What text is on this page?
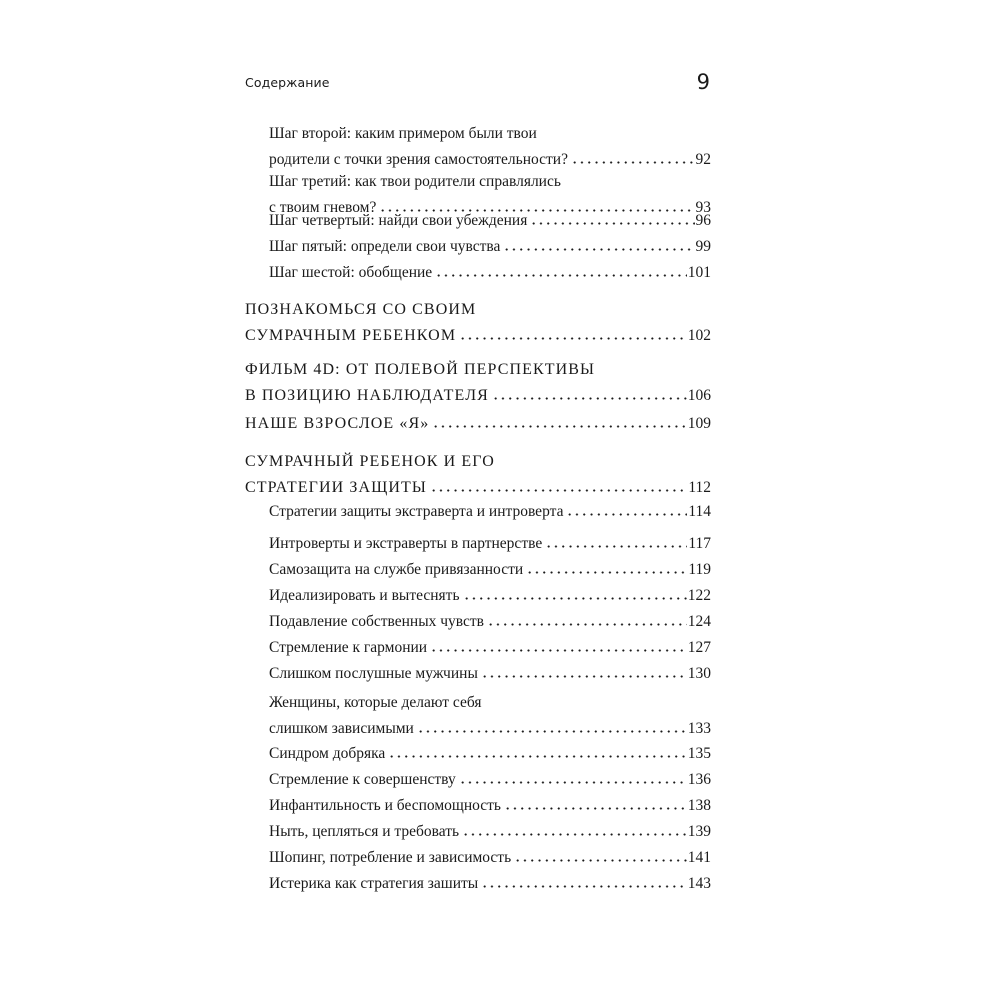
Содержание	9
Шаг второй: каким примером были твои
родители с точки зрения самостоятельности?	92
Шаг третий: как твои родители справлялись
с твоим гневом?	93
Шаг четвертый: найди свои убеждения	96
Шаг пятый: определи свои чувства	99
Шаг шестой: обобщение	101
ПОЗНАКОМЬСЯ СО СВОИМ
СУМРАЧНЫМ РЕБЕНКОМ	102
ФИЛЬМ 4D: ОТ ПОЛЕВОЙ ПЕРСПЕКТИВЫ
В ПОЗИЦИЮ НАБЛЮДАТЕЛЯ	106
НАШЕ ВЗРОСЛОЕ «Я»	109
СУМРАЧНЫЙ РЕБЕНОК И ЕГО
СТРАТЕГИИ ЗАЩИТЫ	112
Стратегии защиты экстраверта и интроверта	114
Интроверты и экстраверты в партнерстве	117
Самозащита на службе привязанности	119
Идеализировать и вытеснять	122
Подавление собственных чувств	124
Стремление к гармонии	127
Слишком послушные мужчины	130
Женщины, которые делают себя
слишком зависимыми	133
Синдром добряка	135
Стремление к совершенству	136
Инфантильность и беспомощность	138
Ныть, цепляться и требовать	139
Шопинг, потребление и зависимость	141
Истерика как стратегия зашиты	143
